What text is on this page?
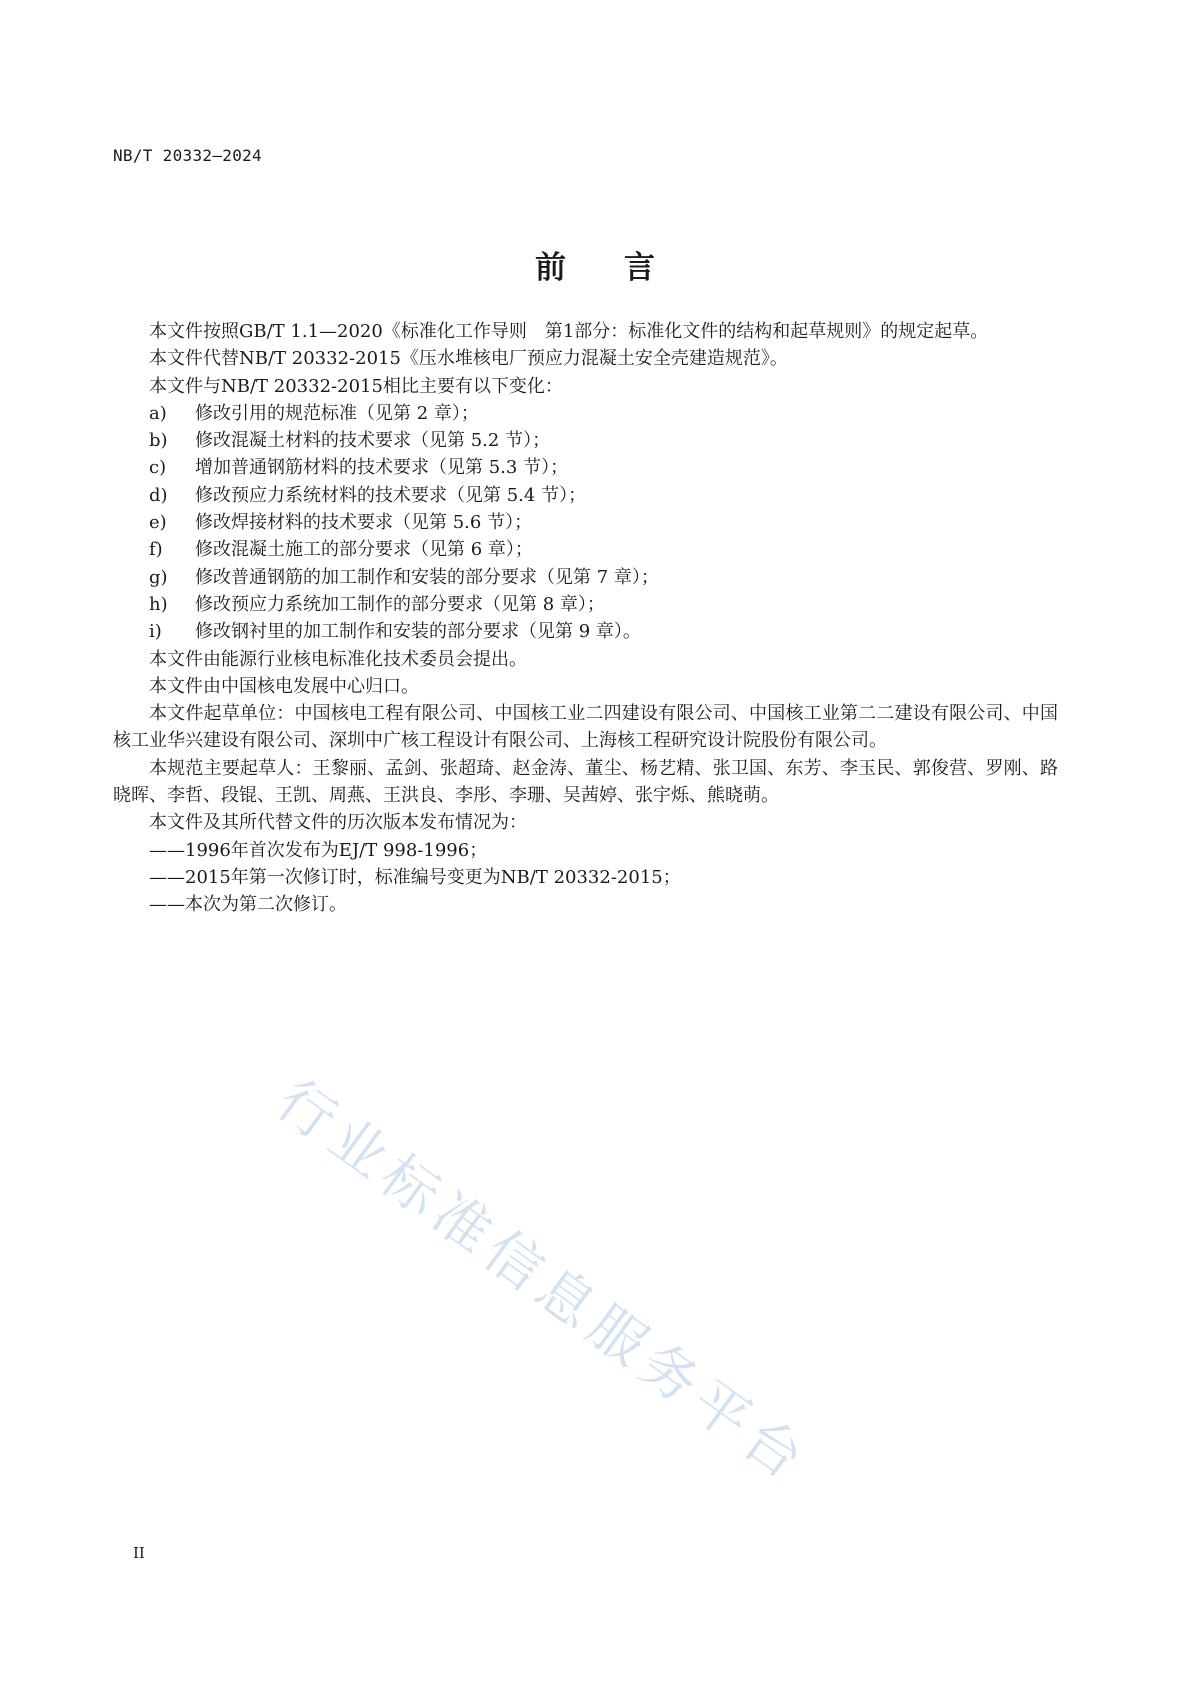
NB/T 20332—2024
前言

本文件按照GB/T 1.1—2020《标准化工作导则　第1部分：标准化文件的结构和起草规则》的规定起草。

本文件代替NB/T 20332-2015《压水堆核电厂预应力混凝土安全壳建造规范》。

本文件与NB/T 20332-2015相比主要有以下变化：

a) 修改引用的规范标准（见第 2 章）；

b) 修改混凝土材料的技术要求（见第 5.2 节）；

c) 增加普通钢筋材料的技术要求（见第 5.3 节）；

d) 修改预应力系统材料的技术要求（见第 5.4 节）；

e) 修改焊接材料的技术要求（见第 5.6 节）；

f) 修改混凝土施工的部分要求（见第 6 章）；

g) 修改普通钢筋的加工制作和安装的部分要求（见第 7 章）；

h) 修改预应力系统加工制作的部分要求（见第 8 章）；

i) 修改钢衬里的加工制作和安装的部分要求（见第 9 章）。

本文件由能源行业核电标准化技术委员会提出。

本文件由中国核电发展中心归口。

本文件起草单位：中国核电工程有限公司、中国核工业二四建设有限公司、中国核工业第二二建设有限公司、中国核工业华兴建设有限公司、深圳中广核工程设计有限公司、上海核工程研究设计院股份有限公司。

本规范主要起草人：王黎丽、孟剑、张超琦、赵金涛、董尘、杨艺精、张卫国、东芳、李玉民、郭俊营、罗刚、路晓晖、李哲、段锟、王凯、周燕、王洪良、李彤、李珊、吴茜婷、张宇烁、熊晓萌。

本文件及其所代替文件的历次版本发布情况为：

——1996年首次发布为EJ/T 998-1996；

——2015年第一次修订时，标准编号变更为NB/T 20332-2015；

——本次为第二次修订。

行业标准信息服务平台
II
